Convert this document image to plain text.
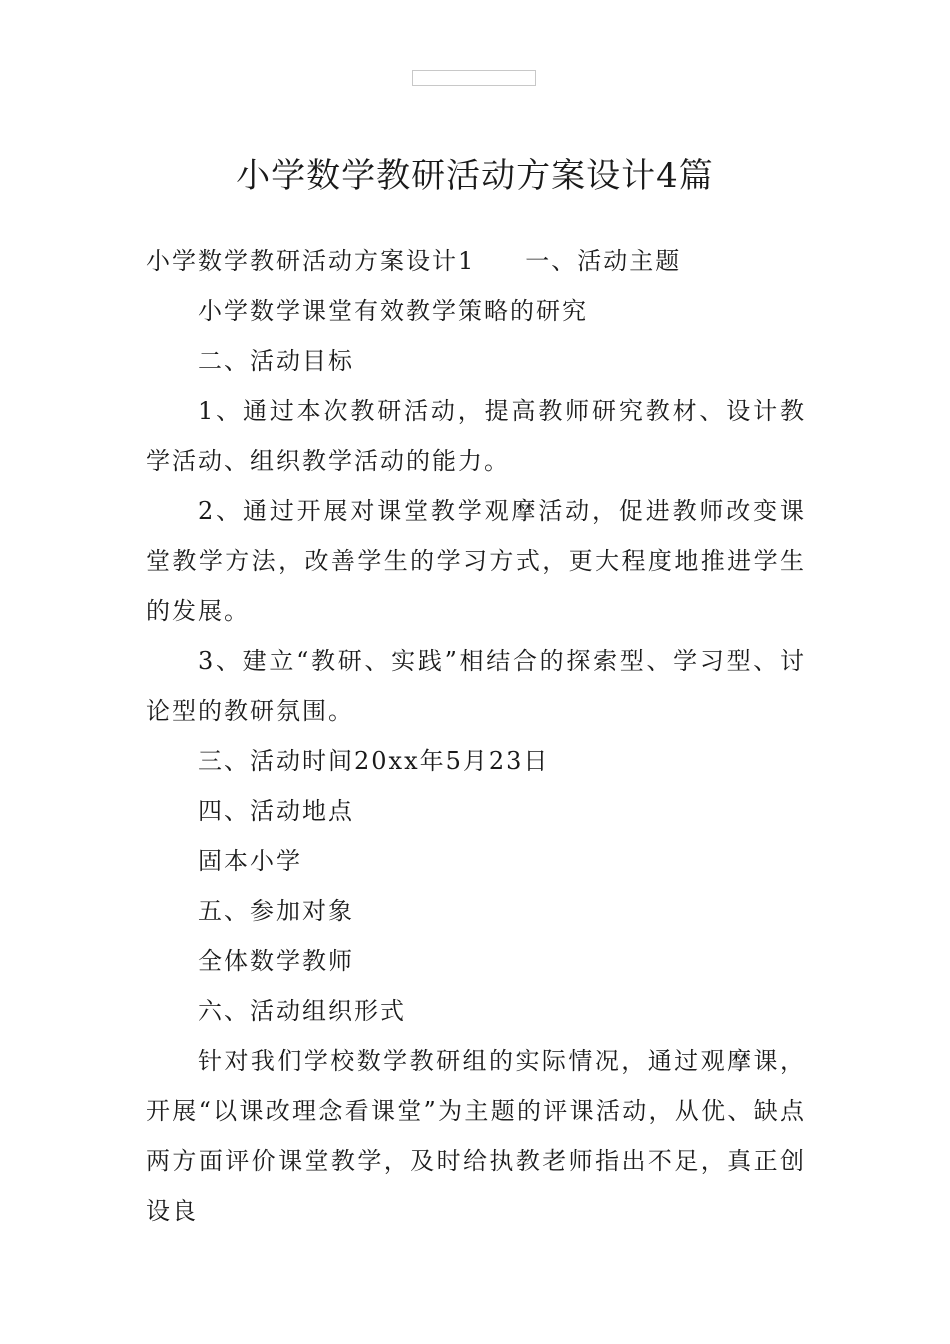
小学数学教研活动方案设计4篇

小学数学教研活动方案设计1 一、活动主题

小学数学课堂有效教学策略的研究

二、活动目标

1、通过本次教研活动，提高教师研究教材、设计教学活动、组织教学活动的能力。

2、通过开展对课堂教学观摩活动，促进教师改变课堂教学方法，改善学生的学习方式，更大程度地推进学生的发展。

3、建立“教研、实践”相结合的探索型、学习型、讨论型的教研氛围。

三、活动时间20xx年5月23日

四、活动地点

固本小学

五、参加对象

全体数学教师

六、活动组织形式

针对我们学校数学教研组的实际情况，通过观摩课，开展“以课改理念看课堂”为主题的评课活动，从优、缺点两方面评价课堂教学，及时给执教老师指出不足，真正创设良
